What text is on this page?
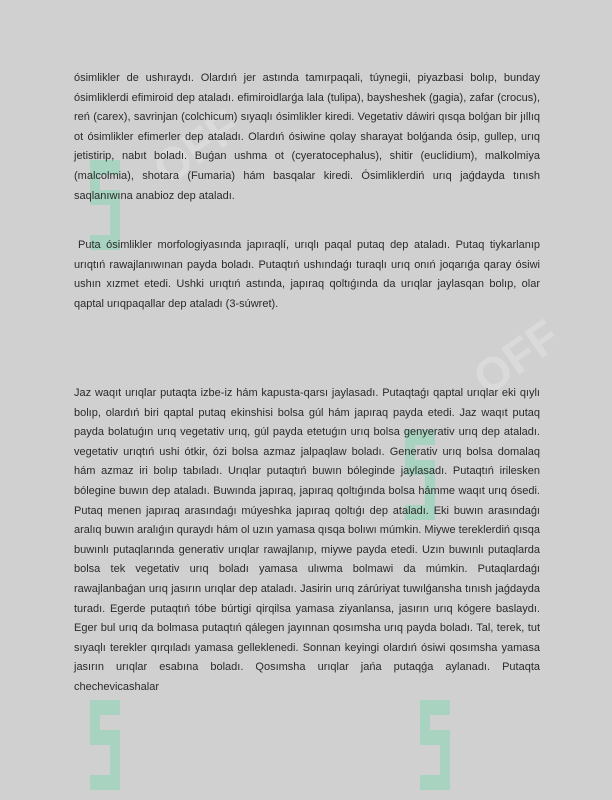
OFF
OFF

ósimlikler de ushıraydı. Olardıń jer astında tamırpaqali, túynegii, piyazbasi bolıp, bunday ósimliklerdi efimiroid dep ataladı. efimiroidlarǵa lala (tulipa), baysheshek (gagia), zafar (crocus), reń (carex), savrinjan (colchicum) sıyaqlı ósimlikler kiredi. Vegetativ dáwiri qısqa bolǵan bir jıllıq ot ósimlikler efimerler dep ataladı. Olardıń ósiwine qolay sharayat bolǵanda ósip, gullep, urıq jetistirip, nabıt boladı. Buǵan ushma ot (cyeratocephalus), shitir (euclidium), malkolmiya (malcolmia), shotara (Fumaria) hám basqalar kiredi. Ósimliklerdiń urıq jaǵdayda tınısh saqlanıwına anabioz dep ataladı.

Puta ósimlikler morfologiyasında japıraqlí, urıqlı paqal putaq dep ataladı. Putaq tiykarlanıp urıqtıń rawajlanıwınan payda boladı. Putaqtıń ushındaǵı turaqlı urıq onıń joqarıǵa qaray ósiwi ushın xızmet etedi. Ushki urıqtıń astında, japıraq qoltıǵında da urıqlar jaylasqan bolıp, olar qaptal urıqpaqallar dep ataladı (3-súwret).

Jaz waqıt urıqlar putaqta izbe-iz hám kapusta-qarsı jaylasadı. Putaqtaǵı qaptal urıqlar eki qıylı bolıp, olardıń biri qaptal putaq ekinshisi bolsa gúl hám japıraq payda etedi. Jaz waqıt putaq payda bolatuǵın urıq vegetativ urıq, gúl payda etetuǵın urıq bolsa genyerativ urıq dep ataladı. vegetativ urıqtıń ushi ótkir, ózi bolsa azmaz jalpaqlaw boladı. Generativ urıq bolsa domalaq hám azmaz iri bolıp tabıladı. Urıqlar putaqtıń buwın bóleginde jaylasadı. Putaqtıń irilesken bólegine buwın dep ataladı. Buwında japıraq, japıraq qoltıǵında bolsa hámme waqıt urıq ósedi. Putaq menen japıraq arasındaǵı múyeshka japıraq qoltıǵı dep ataladı. Eki buwın arasındaǵı aralıq buwın aralıǵın quraydı hám ol uzın yamasa qısqa bolıwı múmkin. Miywe tereklerdiń qısqa buwınlı putaqlarında generativ urıqlar rawajlanıp, miywe payda etedi. Uzın buwınlı putaqlarda bolsa tek vegetativ urıq boladı yamasa ulıwma bolmawi da múmkin. Putaqlardaǵı rawajlanbaǵan urıq jasırın urıqlar dep ataladı. Jasirin urıq zárúriyat tuwılǵansha tınısh jaǵdayda turadı. Egerde putaqtıń tóbe búrtigi qirqilsa yamasa ziyanlansa, jasırın urıq kógere baslaydı. Eger bul urıq da bolmasa putaqtıń qálegen jayınnan qosımsha urıq payda boladı. Tal, terek, tut sıyaqlı terekler qırqıladı yamasa gelleklenedi. Sonnan keyingi olardıń ósiwi qosımsha yamasa jasırın urıqlar esabına boladı. Qosımsha urıqlar jańa putaqǵa aylanadı. Putaqta chechevicashalar
